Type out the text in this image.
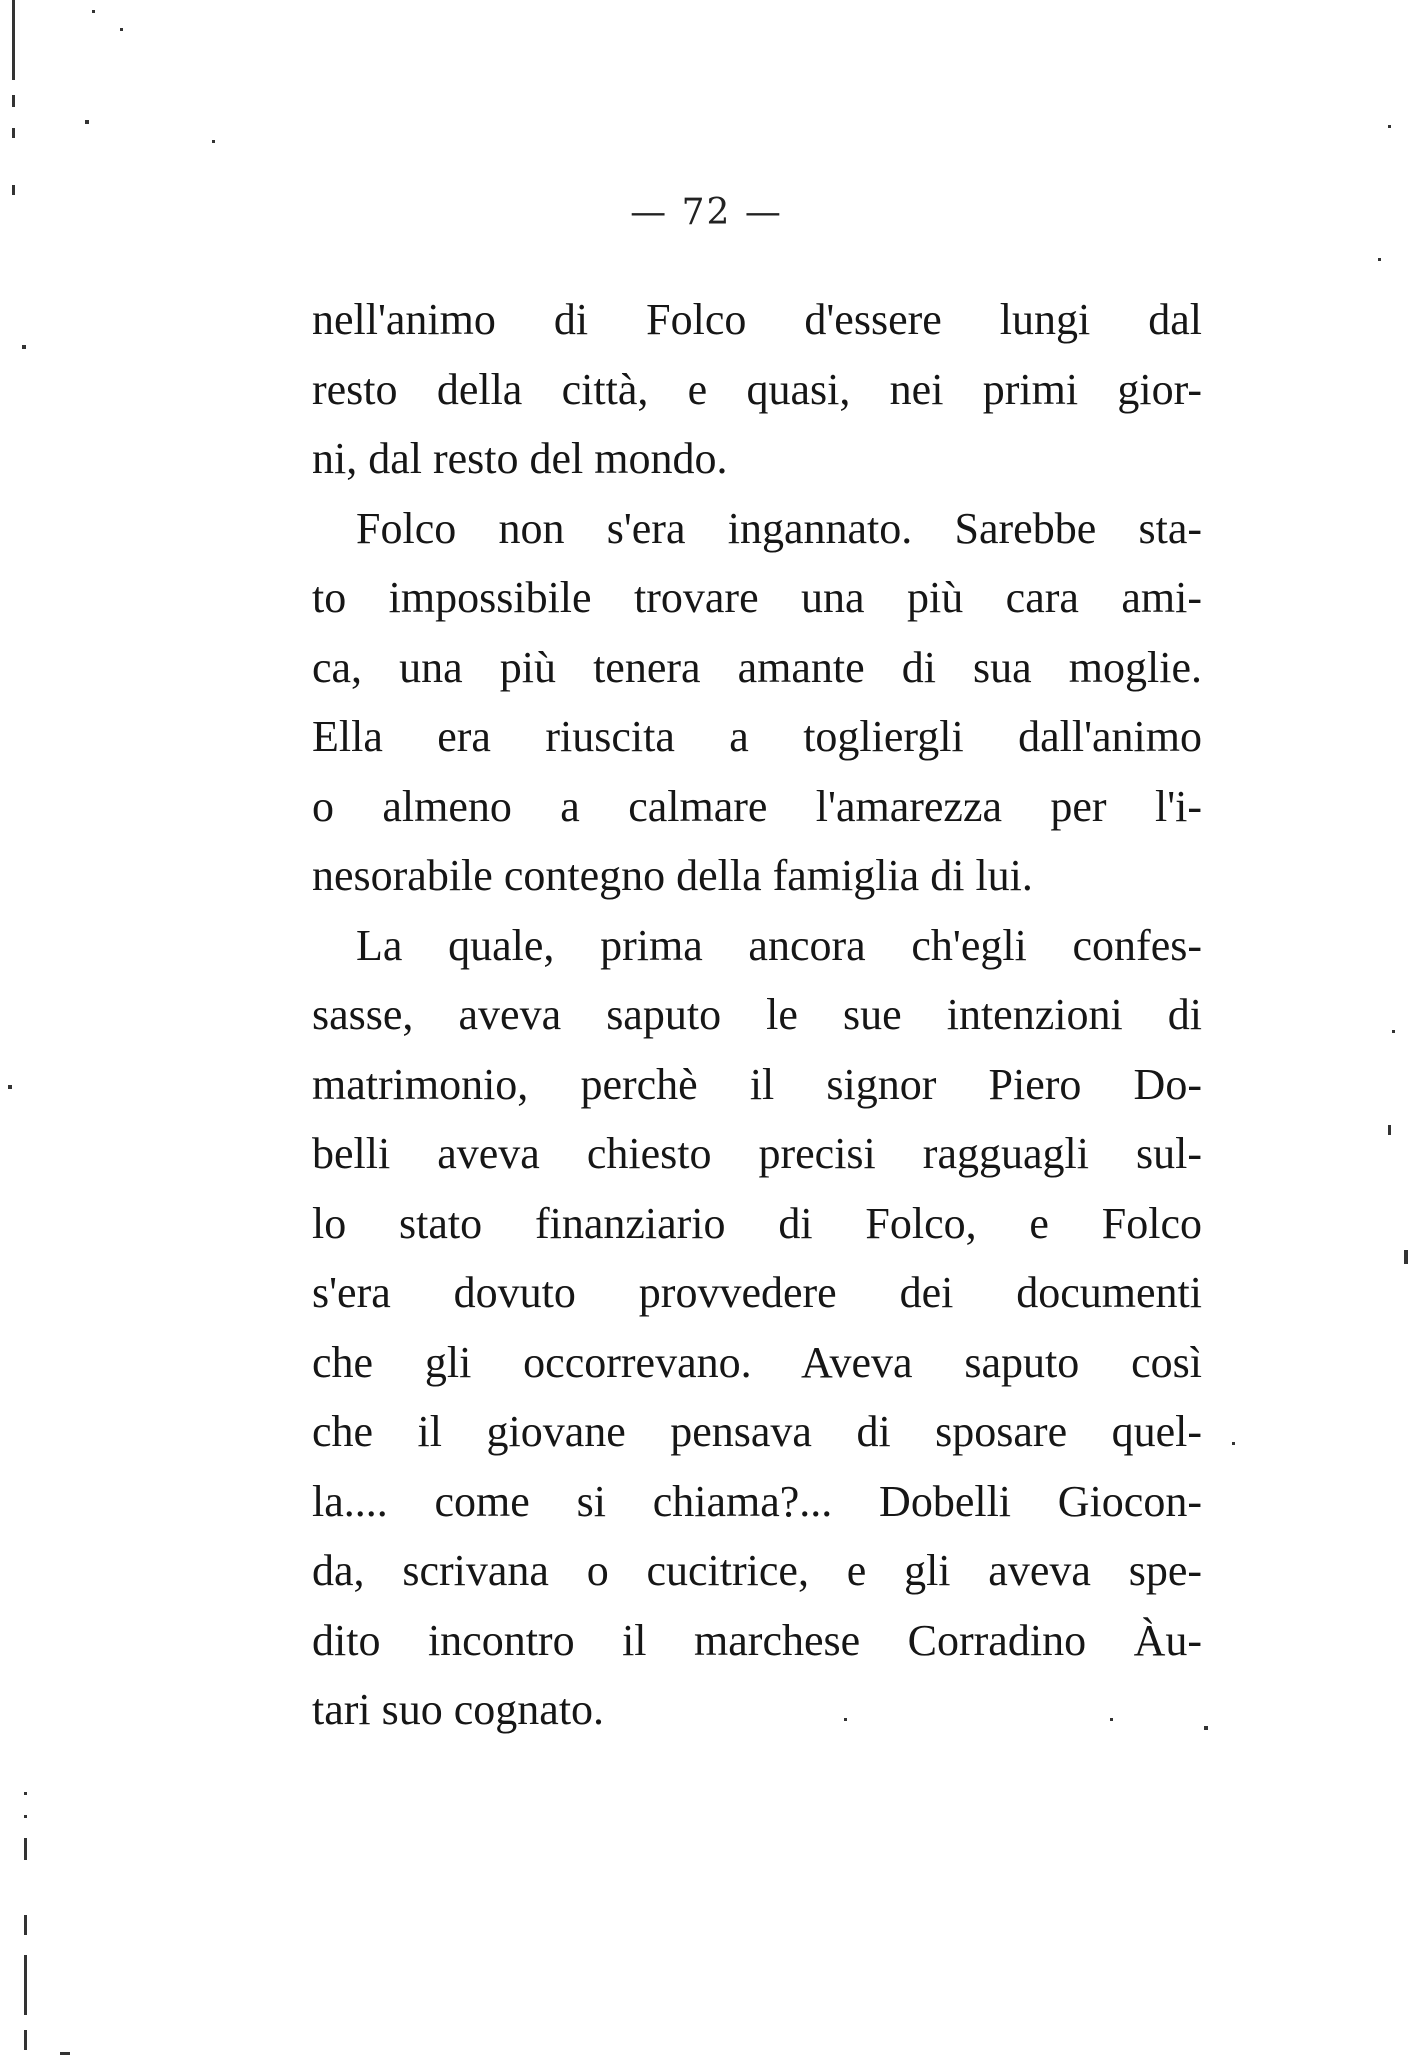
— 72 —
nell'animo di Folco d'essere lungi dal
resto della città, e quasi, nei primi gior-
ni, dal resto del mondo.
Folco non s'era ingannato. Sarebbe sta-
to impossibile trovare una più cara ami-
ca, una più tenera amante di sua moglie.
Ella era riuscita a togliergli dall'animo
o almeno a calmare l'amarezza per l'i-
nesorabile contegno della famiglia di lui.
La quale, prima ancora ch'egli confes-
sasse, aveva saputo le sue intenzioni di
matrimonio, perchè il signor Piero Do-
belli aveva chiesto precisi ragguagli sul-
lo stato finanziario di Folco, e Folco
s'era dovuto provvedere dei documenti
che gli occorrevano. Aveva saputo così
che il giovane pensava di sposare quel-
la.... come si chiama?... Dobelli Giocon-
da, scrivana o cucitrice, e gli aveva spe-
dito incontro il marchese Corradino Àu-
tari suo cognato.
